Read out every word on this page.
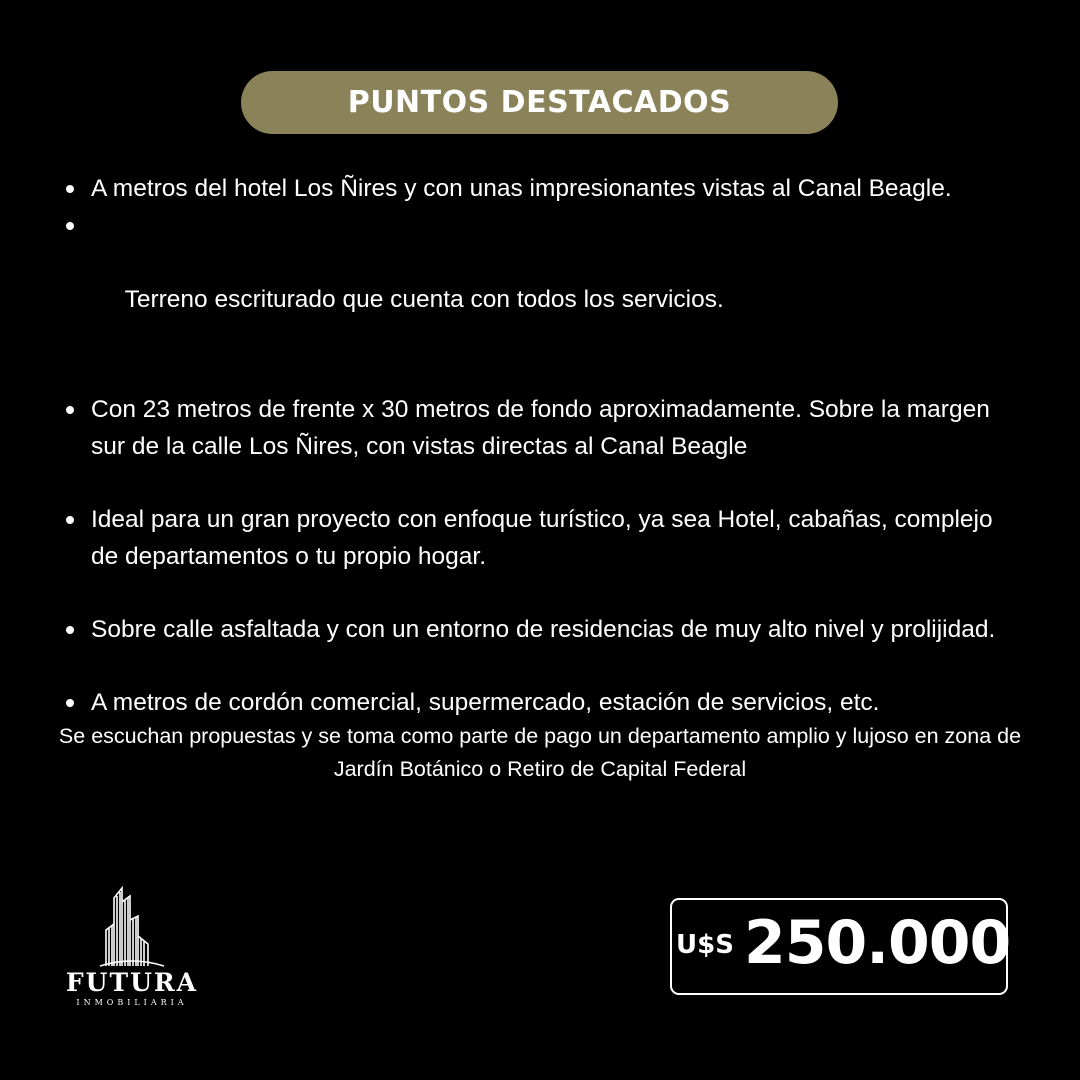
PUNTOS DESTACADOS
A metros del hotel Los Ñires y con unas impresionantes vistas al Canal Beagle.

Terreno escriturado que cuenta con todos los servicios.

Con 23 metros de frente x 30 metros de fondo aproximadamente. Sobre la margen sur de la calle Los Ñires, con vistas directas al Canal Beagle
Ideal para un gran proyecto con enfoque turístico, ya sea Hotel, cabañas, complejo de departamentos o tu propio hogar.
Sobre calle asfaltada y con un entorno de residencias de muy alto nivel y prolijidad.
A metros de cordón comercial, supermercado, estación de servicios, etc.

Se escuchan propuestas y se toma como parte de pago un departamento amplio y lujoso en zona de Jardín Botánico o Retiro de Capital Federal

FUTURA
INMOBILIARIA
U$S 250.000
